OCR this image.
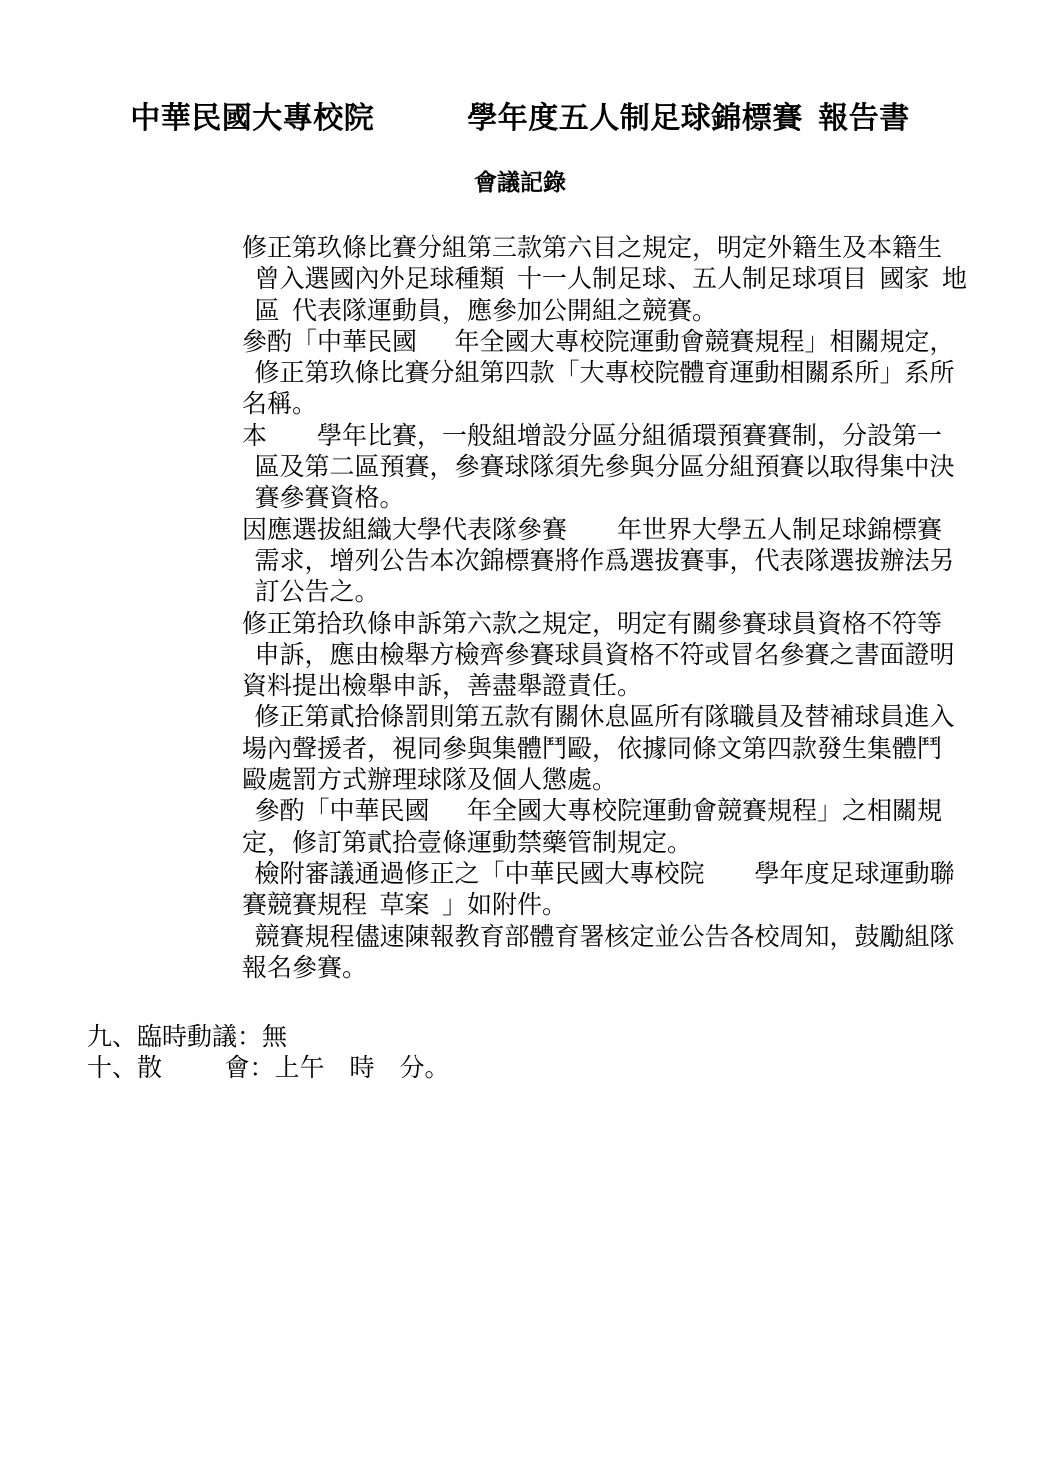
中華民國大專校院      學年度五人制足球錦標賽 報告書
會議記錄
修正第玖條比賽分組第三款第六目之規定，明定外籍生及本籍生
 曾入選國內外足球種類 十一人制足球、五人制足球項目 國家 地
 區 代表隊運動員，應參加公開組之競賽。
參酌「中華民國   年全國大專校院運動會競賽規程」相關規定，
 修正第玖條比賽分組第四款「大專校院體育運動相關系所」系所
名稱。
本    學年比賽，一般組增設分區分組循環預賽賽制，分設第一
 區及第二區預賽，參賽球隊須先參與分區分組預賽以取得集中決
 賽參賽資格。
因應選拔組織大學代表隊參賽    年世界大學五人制足球錦標賽
 需求，增列公告本次錦標賽將作爲選拔賽事，代表隊選拔辦法另
 訂公告之。
修正第拾玖條申訴第六款之規定，明定有關參賽球員資格不符等
 申訴，應由檢舉方檢齊參賽球員資格不符或冒名參賽之書面證明
資料提出檢舉申訴，善盡舉證責任。
 修正第貳拾條罰則第五款有關休息區所有隊職員及替補球員進入
場內聲援者，視同參與集體鬥毆，依據同條文第四款發生集體鬥
毆處罰方式辦理球隊及個人懲處。
 參酌「中華民國   年全國大專校院運動會競賽規程」之相關規
定，修訂第貳拾壹條運動禁藥管制規定。
 檢附審議通過修正之「中華民國大專校院    學年度足球運動聯
賽競賽規程 草案 」如附件。
 競賽規程儘速陳報教育部體育署核定並公告各校周知，鼓勵組隊
報名參賽。
九、臨時動議：無
十、散     會：上午  時  分。
